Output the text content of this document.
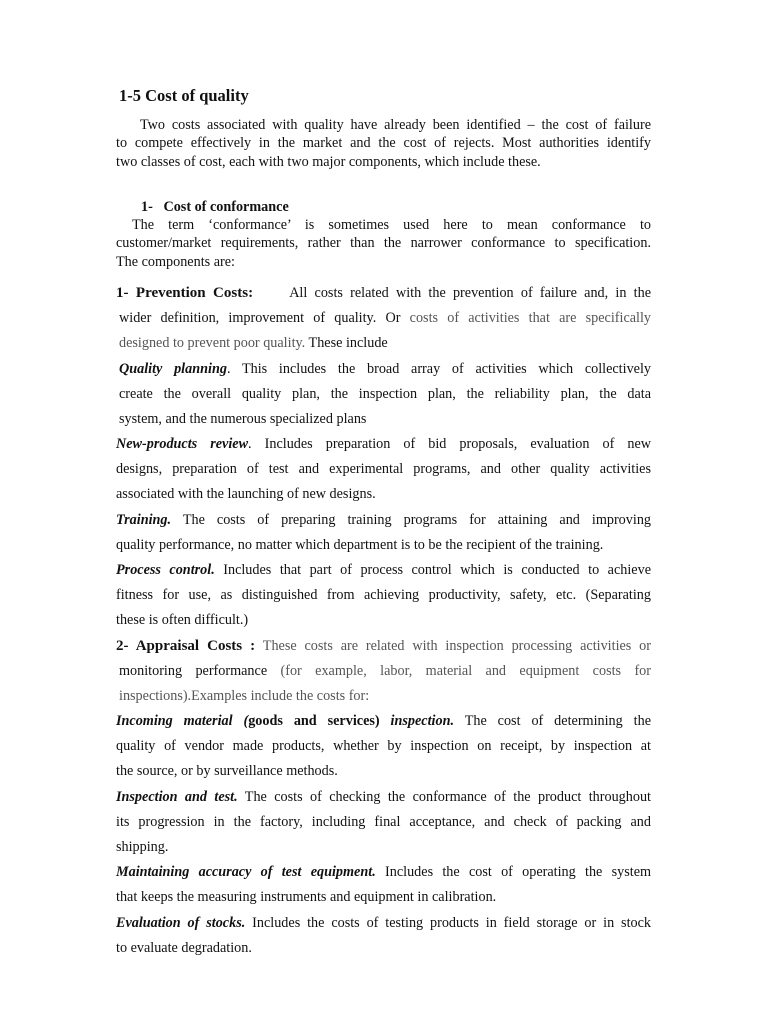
1-5 Cost of quality
Two costs associated with quality have already been identified – the cost of failure
to compete effectively in the market and the cost of rejects. Most authorities identify
two classes of cost, each with two major components, which include these.
1-   Cost of conformance
The term ‘conformance’ is sometimes used here to mean conformance to
customer/market requirements, rather than the narrower conformance to specification.
The components are:
1- Prevention Costs:	All costs related with the prevention of failure and, in the
wider definition, improvement of quality. Or costs of activities that are specifically
designed to prevent poor quality. These include
Quality planning. This includes the broad array of activities which collectively
create the overall quality plan, the inspection plan, the reliability plan, the data
system, and the numerous specialized plans
New-products review. Includes preparation of bid proposals, evaluation of new
designs, preparation of test and experimental programs, and other quality activities
associated with the launching of new designs.
Training. The costs of preparing training programs for attaining and improving
quality performance, no matter which department is to be the recipient of the training.
Process control. Includes that part of process control which is conducted to achieve
fitness for use, as distinguished from achieving productivity, safety, etc. (Separating
these is often difficult.)
2- Appraisal Costs : These costs are related with inspection processing activities or
monitoring performance (for example, labor, material and equipment costs for
inspections).Examples include the costs for:
Incoming material (goods and services) inspection. The cost of determining the
quality of vendor made products, whether by inspection on receipt, by inspection at
the source, or by surveillance methods.
Inspection and test. The costs of checking the conformance of the product throughout
its progression in the factory, including final acceptance, and check of packing and
shipping.
Maintaining accuracy of test equipment. Includes the cost of operating the system
that keeps the measuring instruments and equipment in calibration.
Evaluation of stocks. Includes the costs of testing products in field storage or in stock
to evaluate degradation.
